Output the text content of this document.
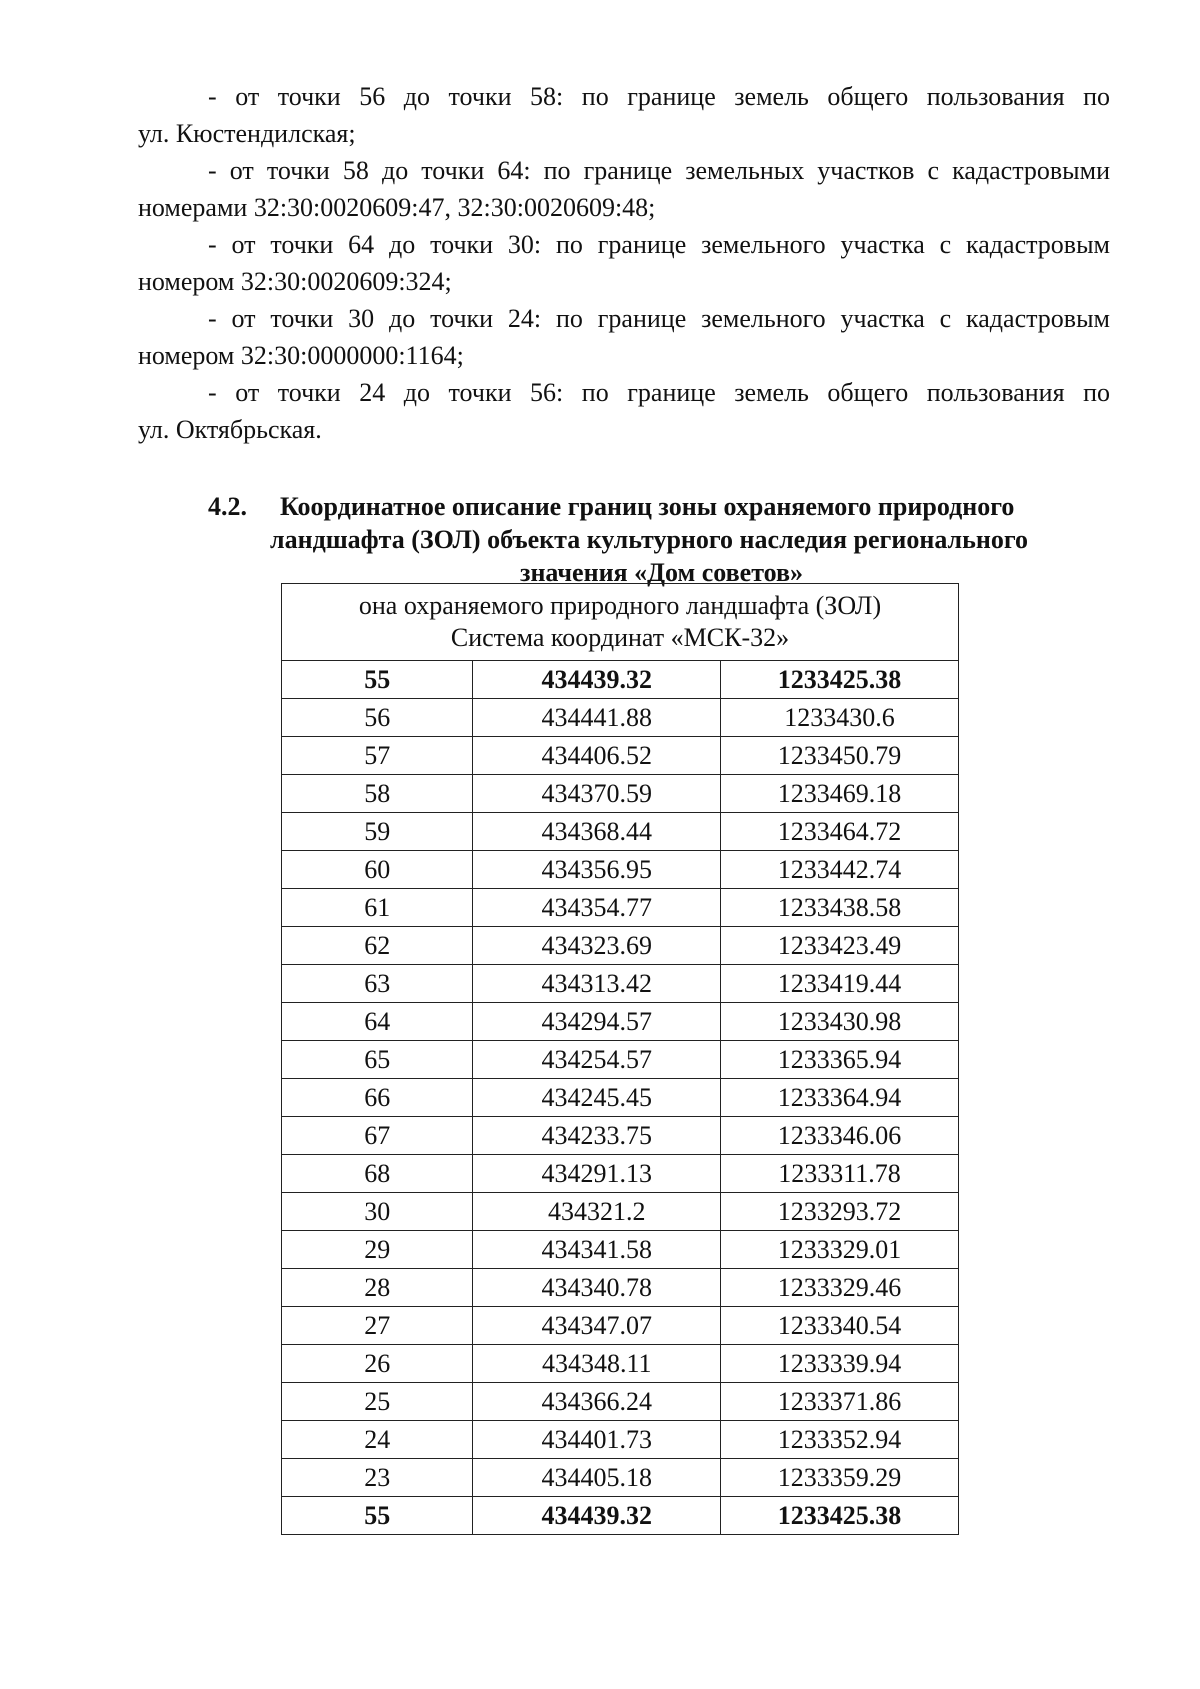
- от точки 56 до точки 58: по границе земель общего пользования по
ул. Кюстендилская;
- от точки 58 до точки 64: по границе земельных участков с кадастровыми
номерами 32:30:0020609:47, 32:30:0020609:48;
- от точки 64 до точки 30: по границе земельного участка с кадастровым
номером 32:30:0020609:324;
- от точки 30 до точки 24: по границе земельного участка с кадастровым
номером 32:30:0000000:1164;
- от точки 24 до точки 56: по границе земель общего пользования по
ул. Октябрьская.
4.2. Координатное описание границ зоны охраняемого природного
ландшафта (ЗОЛ) объекта культурного наследия регионального
значения «Дом советов»
она охраняемого природного ландшафта (ЗОЛ)
Система координат «МСК-32»		
55	434439.32	1233425.38
56	434441.88	1233430.6
57	434406.52	1233450.79
58	434370.59	1233469.18
59	434368.44	1233464.72
60	434356.95	1233442.74
61	434354.77	1233438.58
62	434323.69	1233423.49
63	434313.42	1233419.44
64	434294.57	1233430.98
65	434254.57	1233365.94
66	434245.45	1233364.94
67	434233.75	1233346.06
68	434291.13	1233311.78
30	434321.2	1233293.72
29	434341.58	1233329.01
28	434340.78	1233329.46
27	434347.07	1233340.54
26	434348.11	1233339.94
25	434366.24	1233371.86
24	434401.73	1233352.94
23	434405.18	1233359.29
55	434439.32	1233425.38
